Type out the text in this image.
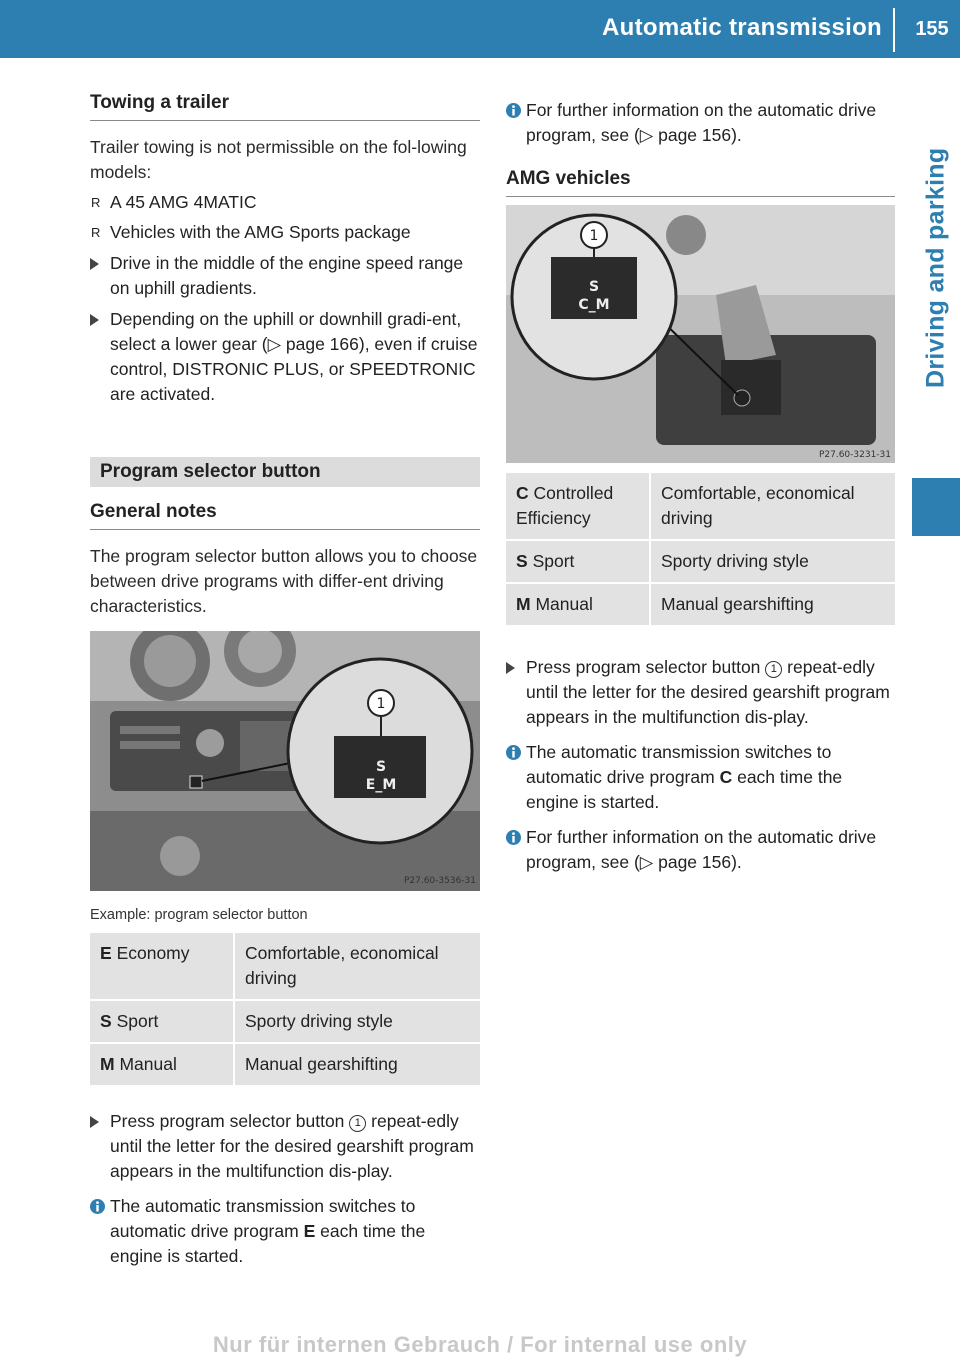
Automatic transmission	155
Driving and parking
Towing a trailer

Trailer towing is not permissible on the fol-lowing models:

R A 45 AMG 4MATIC
R Vehicles with the AMG Sports package
Drive in the middle of the engine speed range on uphill gradients.
Depending on the uphill or downhill gradi-ent, select a lower gear (▷ page 166), even if cruise control, DISTRONIC PLUS, or SPEEDTRONIC are activated.
Program selector button
General notes

The program selector button allows you to choose between drive programs with differ-ent driving characteristics.

S
E_M
1
P27.60-3536-31
Example: program selector button
E Economy	Comfortable, economical driving
S Sport	Sporty driving style
M Manual	Manual gearshifting
Press program selector button 1 repeat-edly until the letter for the desired gearshift program appears in the multifunction dis-play.
The automatic transmission switches to automatic drive program E each time the engine is started.
For further information on the automatic drive program, see (▷ page 156).
AMG vehicles
S
C_M
1
P27.60-3231-31
C Controlled Efficiency	Comfortable, economical driving
S Sport	Sporty driving style
M Manual	Manual gearshifting
Press program selector button 1 repeat-edly until the letter for the desired gearshift program appears in the multifunction dis-play.
The automatic transmission switches to automatic drive program C each time the engine is started.
For further information on the automatic drive program, see (▷ page 156).
Nur für internen Gebrauch / For internal use only
